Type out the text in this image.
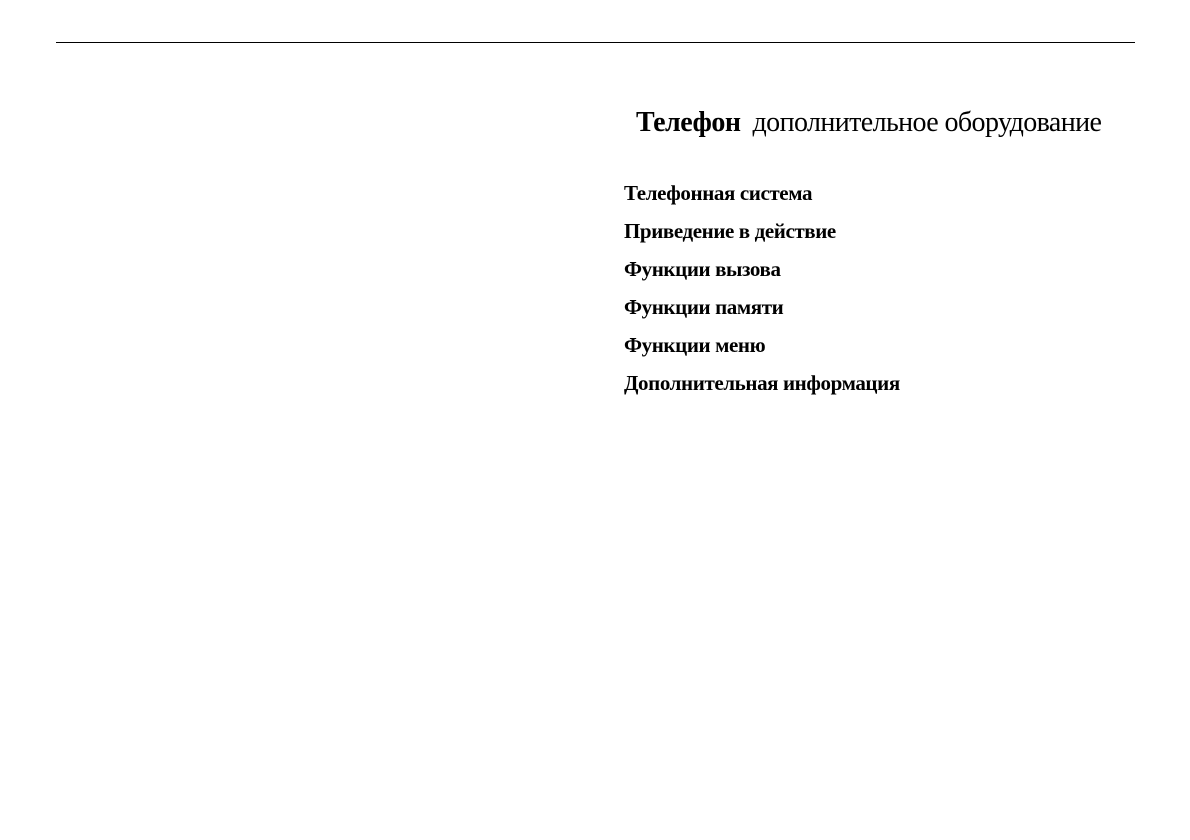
Телефон дополнительное оборудование
Телефонная система
Приведение в действие
Функции вызова
Функции памяти
Функции меню
Дополнительная информация
